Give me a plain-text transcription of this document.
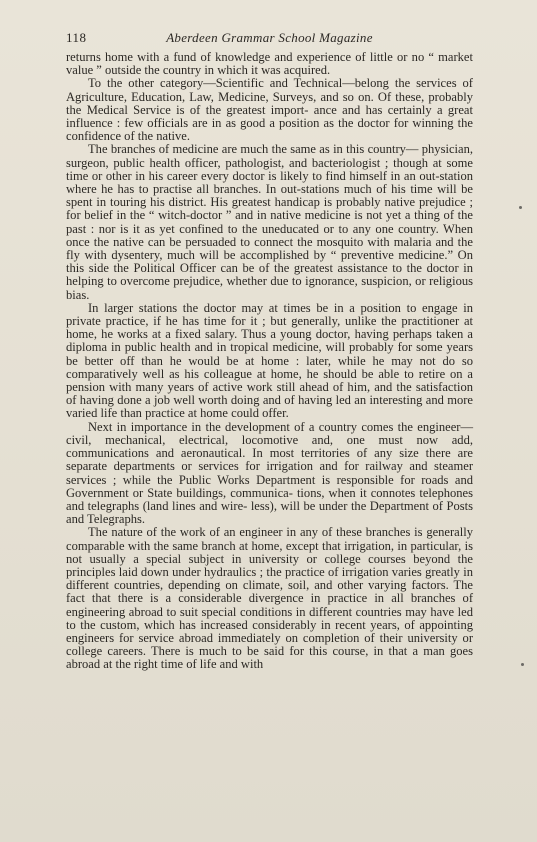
118	Aberdeen Grammar School Magazine

returns home with a fund of knowledge and experience of little or no “ market value ” outside the country in which it was acquired.

To the other category—Scientific and Technical—belong the services of Agriculture, Education, Law, Medicine, Surveys, and so on. Of these, probably the Medical Service is of the greatest import- ance and has certainly a great influence : few officials are in as good a position as the doctor for winning the confidence of the native.

The branches of medicine are much the same as in this country— physician, surgeon, public health officer, pathologist, and bacteriologist ; though at some time or other in his career every doctor is likely to find himself in an out-station where he has to practise all branches. In out-stations much of his time will be spent in touring his district. His greatest handicap is probably native prejudice ; for belief in the “ witch-doctor ” and in native medicine is not yet a thing of the past : nor is it as yet confined to the uneducated or to any one country. When once the native can be persuaded to connect the mosquito with malaria and the fly with dysentery, much will be accomplished by “ preventive medicine.” On this side the Political Officer can be of the greatest assistance to the doctor in helping to overcome prejudice, whether due to ignorance, suspicion, or religious bias.

In larger stations the doctor may at times be in a position to engage in private practice, if he has time for it ; but generally, unlike the practitioner at home, he works at a fixed salary. Thus a young doctor, having perhaps taken a diploma in public health and in tropical medicine, will probably for some years be better off than he would be at home : later, while he may not do so comparatively well as his colleague at home, he should be able to retire on a pension with many years of active work still ahead of him, and the satisfaction of having done a job well worth doing and of having led an interesting and more varied life than practice at home could offer.

Next in importance in the development of a country comes the engineer—civil, mechanical, electrical, locomotive and, one must now add, communications and aeronautical. In most territories of any size there are separate departments or services for irrigation and for railway and steamer services ; while the Public Works Department is responsible for roads and Government or State buildings, communica- tions, when it connotes telephones and telegraphs (land lines and wire- less), will be under the Department of Posts and Telegraphs.

The nature of the work of an engineer in any of these branches is generally comparable with the same branch at home, except that irrigation, in particular, is not usually a special subject in university or college courses beyond the principles laid down under hydraulics ; the practice of irrigation varies greatly in different countries, depending on climate, soil, and other varying factors. The fact that there is a considerable divergence in practice in all branches of engineering abroad to suit special conditions in different countries may have led to the custom, which has increased considerably in recent years, of appointing engineers for service abroad immediately on completion of their university or college careers. There is much to be said for this course, in that a man goes abroad at the right time of life and with
